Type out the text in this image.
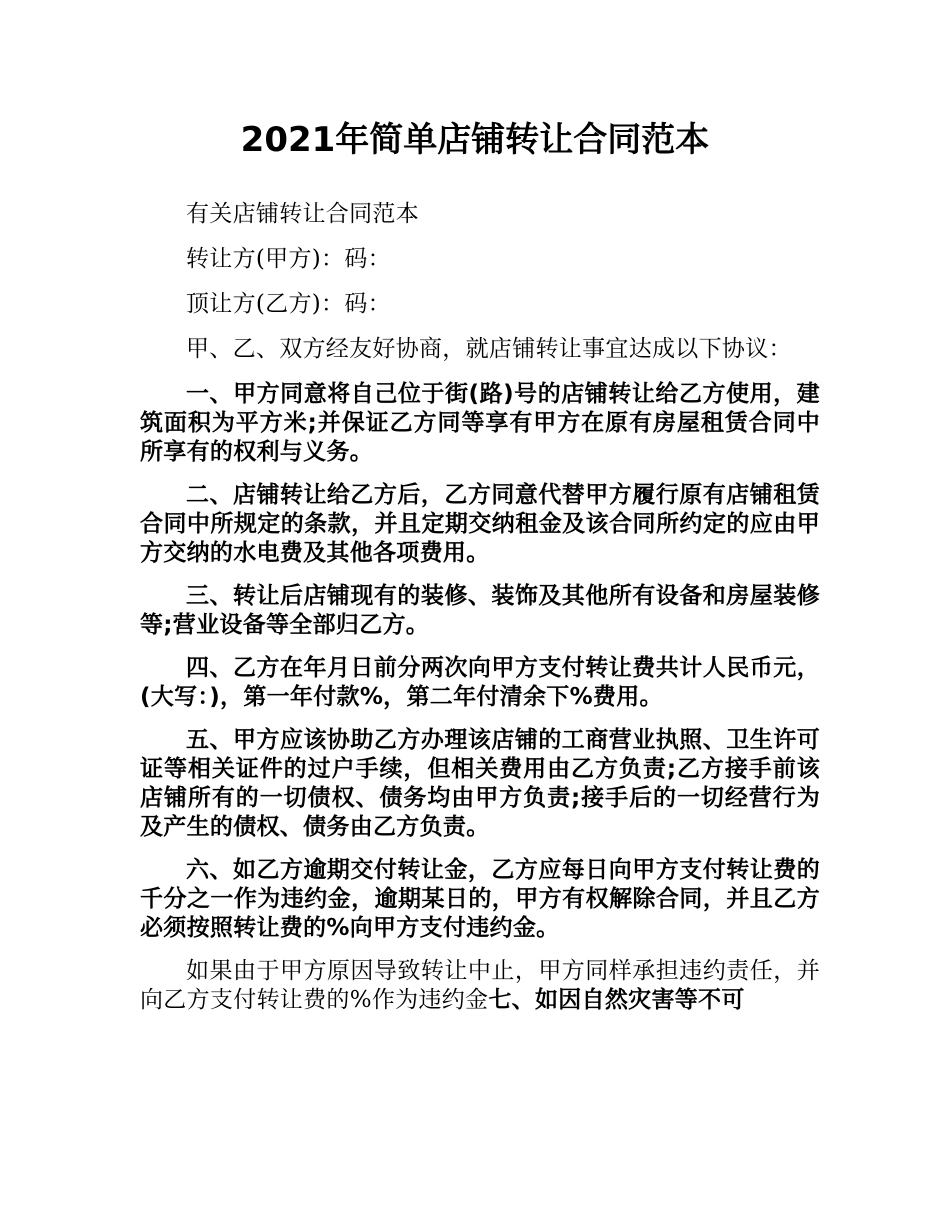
2021年简单店铺转让合同范本

有关店铺转让合同范本

转让方(甲方)：码：

顶让方(乙方)：码：

甲、乙、双方经友好协商，就店铺转让事宜达成以下协议：

一、甲方同意将自己位于街(路)号的店铺转让给乙方使用，建筑面积为平方米;并保证乙方同等享有甲方在原有房屋租赁合同中所享有的权利与义务。

二、店铺转让给乙方后，乙方同意代替甲方履行原有店铺租赁合同中所规定的条款，并且定期交纳租金及该合同所约定的应由甲方交纳的水电费及其他各项费用。

三、转让后店铺现有的装修、装饰及其他所有设备和房屋装修等;营业设备等全部归乙方。

四、乙方在年月日前分两次向甲方支付转让费共计人民币元，(大写：)，第一年付款%，第二年付清余下%费用。

五、甲方应该协助乙方办理该店铺的工商营业执照、卫生许可证等相关证件的过户手续，但相关费用由乙方负责;乙方接手前该店铺所有的一切债权、债务均由甲方负责;接手后的一切经营行为及产生的债权、债务由乙方负责。

六、如乙方逾期交付转让金，乙方应每日向甲方支付转让费的千分之一作为违约金，逾期某日的，甲方有权解除合同，并且乙方必须按照转让费的%向甲方支付违约金。

如果由于甲方原因导致转让中止，甲方同样承担违约责任，并向乙方支付转让费的%作为违约金七、如因自然灾害等不可
